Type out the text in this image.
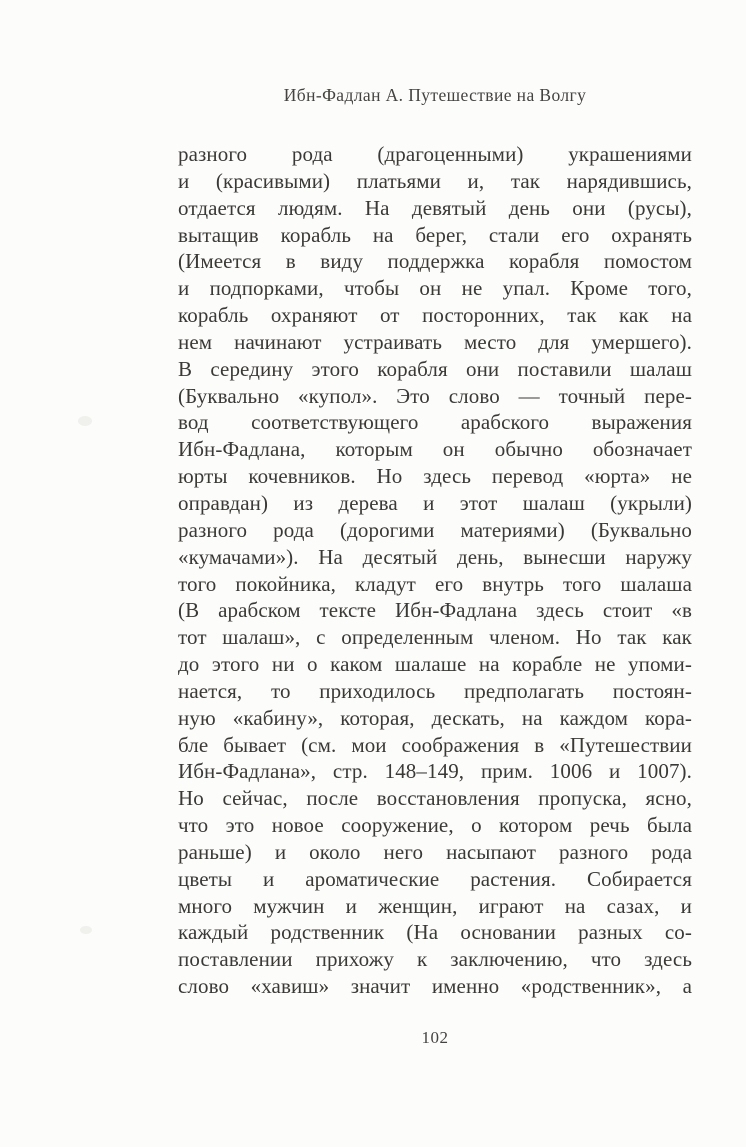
Ибн-Фадлан А. Путешествие на Волгу
разного рода (драгоценными) украшениями
и (красивыми) платьями и, так нарядившись,
отдается людям. На девятый день они (русы),
вытащив корабль на берег, стали его охранять
(Имеется в виду поддержка корабля помостом
и подпорками, чтобы он не упал. Кроме того,
корабль охраняют от посторонних, так как на
нем начинают устраивать место для умершего).
В середину этого корабля они поставили шалаш
(Буквально «купол». Это слово — точный пере-
вод соответствующего арабского выражения
Ибн-Фадлана, которым он обычно обозначает
юрты кочевников. Но здесь перевод «юрта» не
оправдан) из дерева и этот шалаш (укрыли)
разного рода (дорогими материями) (Буквально
«кумачами»). На десятый день, вынесши наружу
того покойника, кладут его внутрь того шалаша
(В арабском тексте Ибн-Фадлана здесь стоит «в
тот шалаш», с определенным членом. Но так как
до этого ни о каком шалаше на корабле не упоми-
нается, то приходилось предполагать постоян-
ную «кабину», которая, дескать, на каждом кора-
бле бывает (см. мои соображения в «Путешествии
Ибн-Фадлана», стр. 148–149, прим. 1006 и 1007).
Но сейчас, после восстановления пропуска, ясно,
что это новое сооружение, о котором речь была
раньше) и около него насыпают разного рода
цветы и ароматические растения. Собирается
много мужчин и женщин, играют на сазах, и
каждый родственник (На основании разных со-
поставлении прихожу к заключению, что здесь
слово «хавиш» значит именно «родственник», а
102
